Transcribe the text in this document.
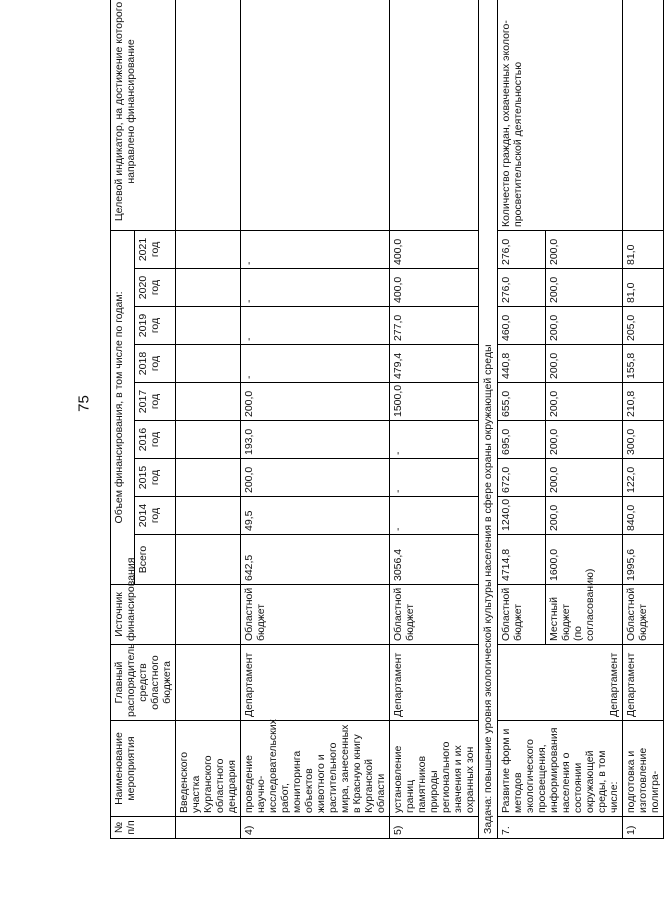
75
№ п/п	Наименование мероприятия	Главный распорядитель средств областного бюджета	Источник финансирования	Объем финансирования, в том числе по годам:									Целевой индикатор, на достижение которого направлено финансирование
				Всего	2014 год	2015 год	2016 год	2017 год	2018 год	2019 год	2020 год	2021 год	
	Введенского участка Курганского областного дендрария												
4)	проведение научно-исследовательских работ, мониторинга объектов животного и растительного мира, занесенных в Красную книгу Курганской области	Департамент	Областной бюджет	642,5	49,5	200,0	193,0	200,0	-	-	-	-	
5)	установление границ памятников природы регионального значения и их охранных зон	Департамент	Областной бюджет	3056,4	-	-	-	1500,0	479,4	277,0	400,0	400,0	
Задача: повышение уровня экологической культуры населения в сфере охраны окружающей среды													
7.	Развитие форм и методов экологического просвещения, информирования населения о состоянии окружающей среды, в том числе:	Департамент	Областной бюджет	4714,8	1240,0	672,0	695,0	655,0	440,8	460,0	276,0	276,0	Количество граждан, охваченных эколого-просветительской деятельностью
			Местный бюджет (по согласованию)	1600,0	200,0	200,0	200,0	200,0	200,0	200,0	200,0	200,0	
1)	подготовка и изготовление полигра-	Департамент	Областной бюджет	1995,6	840,0	122,0	300,0	210,8	155,8	205,0	81,0	81,0	
